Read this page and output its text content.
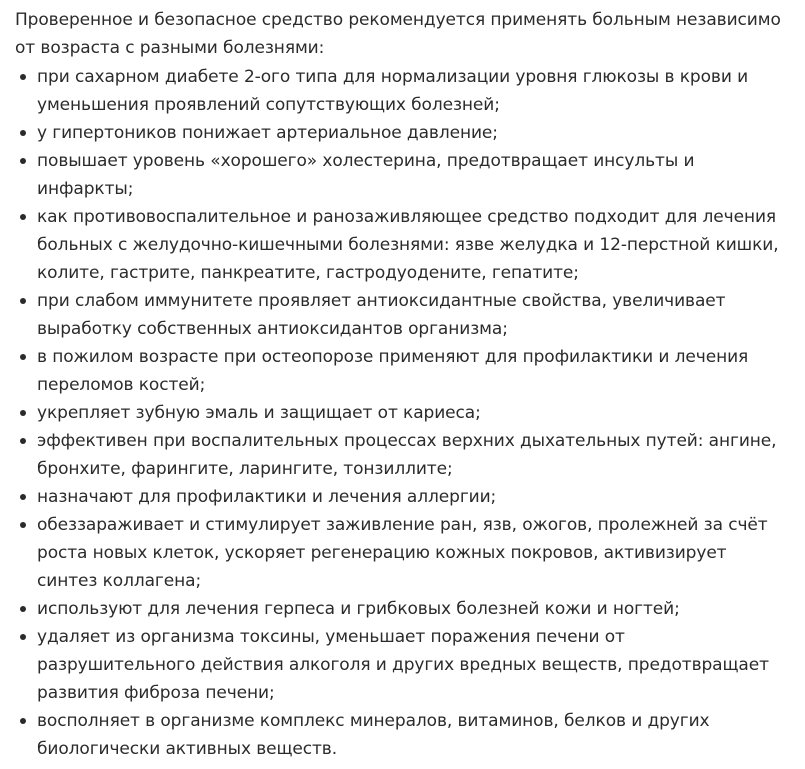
Проверенное и безопасное средство рекомендуется применять больным независимо от возраста с разными болезнями:

при сахарном диабете 2-ого типа для нормализации уровня глюкозы в крови и уменьшения проявлений сопутствующих болезней;
у гипертоников понижает артериальное давление;
повышает уровень «хорошего» холестерина, предотвращает инсульты и инфаркты;
как противовоспалительное и ранозаживляющее средство подходит для лечения больных с желудочно-кишечными болезнями: язве желудка и 12-перстной кишки, колите, гастрите, панкреатите, гастродуодените, гепатите;
при слабом иммунитете проявляет антиоксидантные свойства, увеличивает выработку собственных антиоксидантов организма;
в пожилом возрасте при остеопорозе применяют для профилактики и лечения переломов костей;
укрепляет зубную эмаль и защищает от кариеса;
эффективен при воспалительных процессах верхних дыхательных путей: ангине, бронхите, фарингите, ларингите, тонзиллите;
назначают для профилактики и лечения аллергии;
обеззараживает и стимулирует заживление ран, язв, ожогов, пролежней за счёт роста новых клеток, ускоряет регенерацию кожных покровов, активизирует синтез коллагена;
используют для лечения герпеса и грибковых болезней кожи и ногтей;
удаляет из организма токсины, уменьшает поражения печени от разрушительного действия алкоголя и других вредных веществ, предотвращает развития фиброза печени;
восполняет в организме комплекс минералов, витаминов, белков и других биологически активных веществ.
